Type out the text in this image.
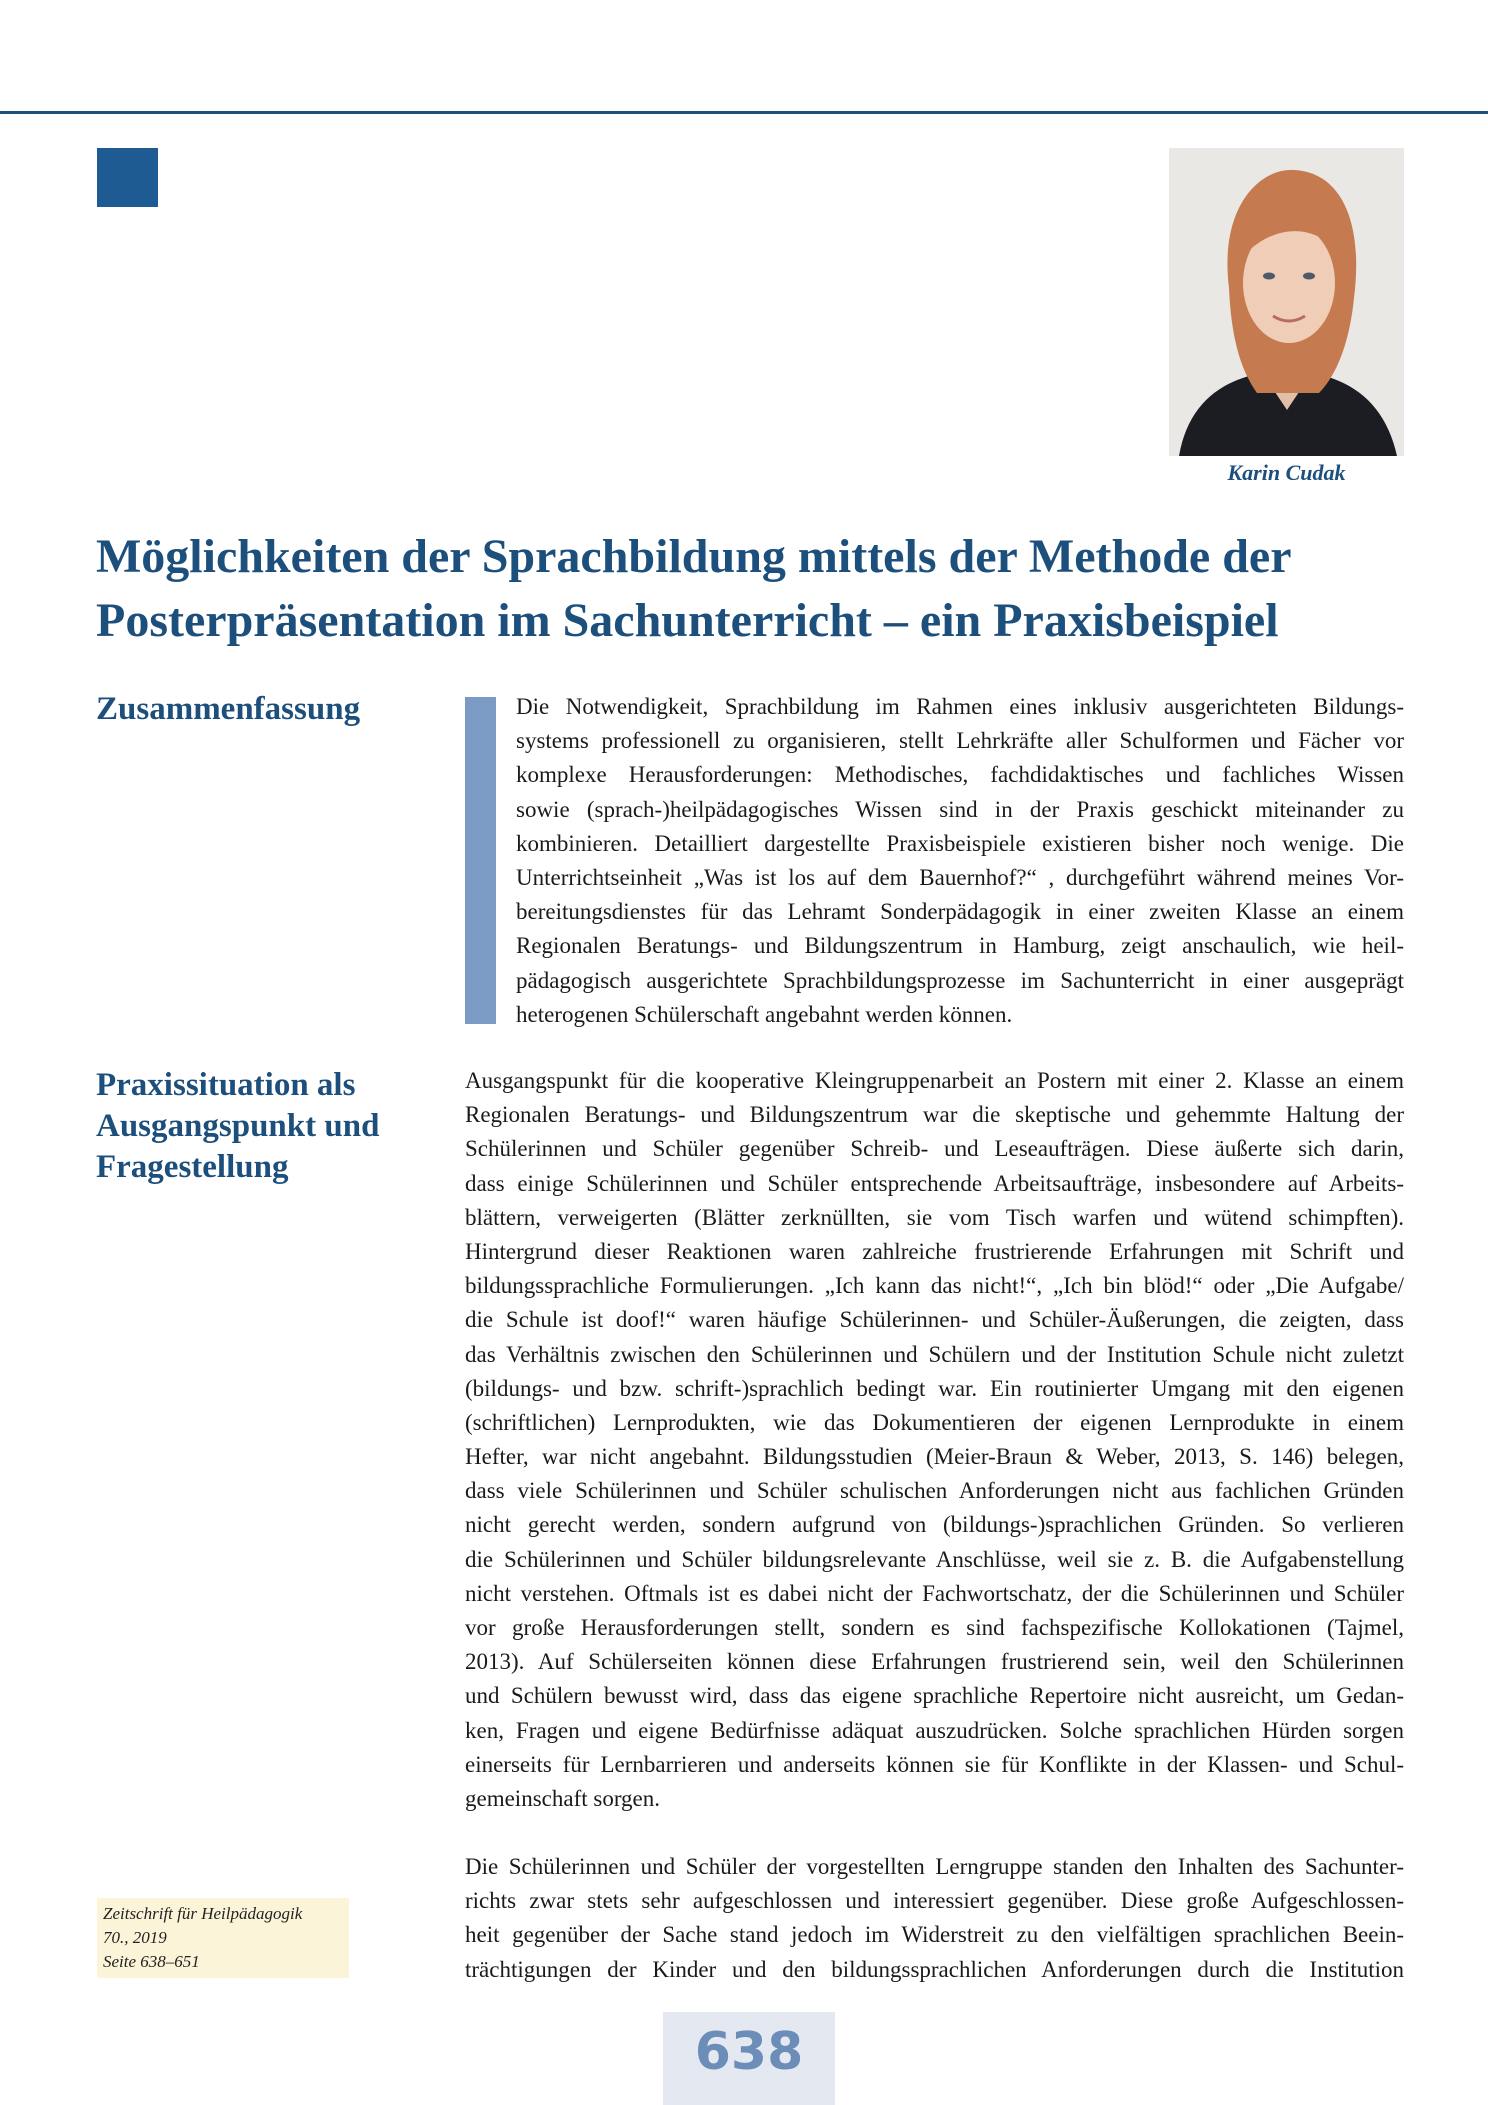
Karin Cudak
Möglichkeiten der Sprachbildung mittels der Methode der
Posterpräsentation im Sachunterricht – ein Praxisbeispiel
Zusammenfassung	Die Notwendigkeit, Sprachbildung im Rahmen eines inklusiv ausgerichteten Bildungs-
systems professionell zu organisieren, stellt Lehrkräfte aller Schulformen und Fächer vor
komplexe Herausforderungen: Methodisches, fachdidaktisches und fachliches Wissen
sowie (sprach-)heilpädagogisches Wissen sind in der Praxis geschickt miteinander zu
kombinieren. Detailliert dargestellte Praxisbeispiele existieren bisher noch wenige. Die
Unterrichtseinheit „Was ist los auf dem Bauernhof?“ , durchgeführt während meines Vor-
bereitungsdienstes für das Lehramt Sonderpädagogik in einer zweiten Klasse an einem
Regionalen Beratungs- und Bildungszentrum in Hamburg, zeigt anschaulich, wie heil-
pädagogisch ausgerichtete Sprachbildungsprozesse im Sachunterricht in einer ausgeprägt
heterogenen Schülerschaft angebahnt werden können.
Praxissituation als
Ausgangspunkt und
Fragestellung
Ausgangspunkt für die kooperative Kleingruppenarbeit an Postern mit einer 2. Klasse an einem
Regionalen Beratungs- und Bildungszentrum war die skeptische und gehemmte Haltung der
Schülerinnen und Schüler gegenüber Schreib- und Leseaufträgen. Diese äußerte sich darin,
dass einige Schülerinnen und Schüler entsprechende Arbeitsaufträge, insbesondere auf Arbeits-
blättern, verweigerten (Blätter zerknüllten, sie vom Tisch warfen und wütend schimpften).
Hintergrund dieser Reaktionen waren zahlreiche frustrierende Erfahrungen mit Schrift und
bildungssprachliche Formulierungen. „Ich kann das nicht!“, „Ich bin blöd!“ oder „Die Aufgabe/
die Schule ist doof!“ waren häufige Schülerinnen- und Schüler-Äußerungen, die zeigten, dass
das Verhältnis zwischen den Schülerinnen und Schülern und der Institution Schule nicht zuletzt
(bildungs- und bzw. schrift-)sprachlich bedingt war. Ein routinierter Umgang mit den eigenen
(schriftlichen) Lernprodukten, wie das Dokumentieren der eigenen Lernprodukte in einem
Hefter, war nicht angebahnt. Bildungsstudien (Meier-Braun & Weber, 2013, S. 146) belegen,
dass viele Schülerinnen und Schüler schulischen Anforderungen nicht aus fachlichen Gründen
nicht gerecht werden, sondern aufgrund von (bildungs-)sprachlichen Gründen. So verlieren
die Schülerinnen und Schüler bildungsrelevante Anschlüsse, weil sie z. B. die Aufgabenstellung
nicht verstehen. Oftmals ist es dabei nicht der Fachwortschatz, der die Schülerinnen und Schüler
vor große Herausforderungen stellt, sondern es sind fachspezifische Kollokationen (Tajmel,
2013). Auf Schülerseiten können diese Erfahrungen frustrierend sein, weil den Schülerinnen
und Schülern bewusst wird, dass das eigene sprachliche Repertoire nicht ausreicht, um Gedan-
ken, Fragen und eigene Bedürfnisse adäquat auszudrücken. Solche sprachlichen Hürden sorgen
einerseits für Lernbarrieren und anderseits können sie für Konflikte in der Klassen- und Schul-
gemeinschaft sorgen.
Die Schülerinnen und Schüler der vorgestellten Lerngruppe standen den Inhalten des Sachunter-
richts zwar stets sehr aufgeschlossen und interessiert gegenüber. Diese große Aufgeschlossen-
heit gegenüber der Sache stand jedoch im Widerstreit zu den vielfältigen sprachlichen Beein-
trächtigungen der Kinder und den bildungssprachlichen Anforderungen durch die Institution
Zeitschrift für Heilpädagogik
70., 2019
Seite 638–651
638
